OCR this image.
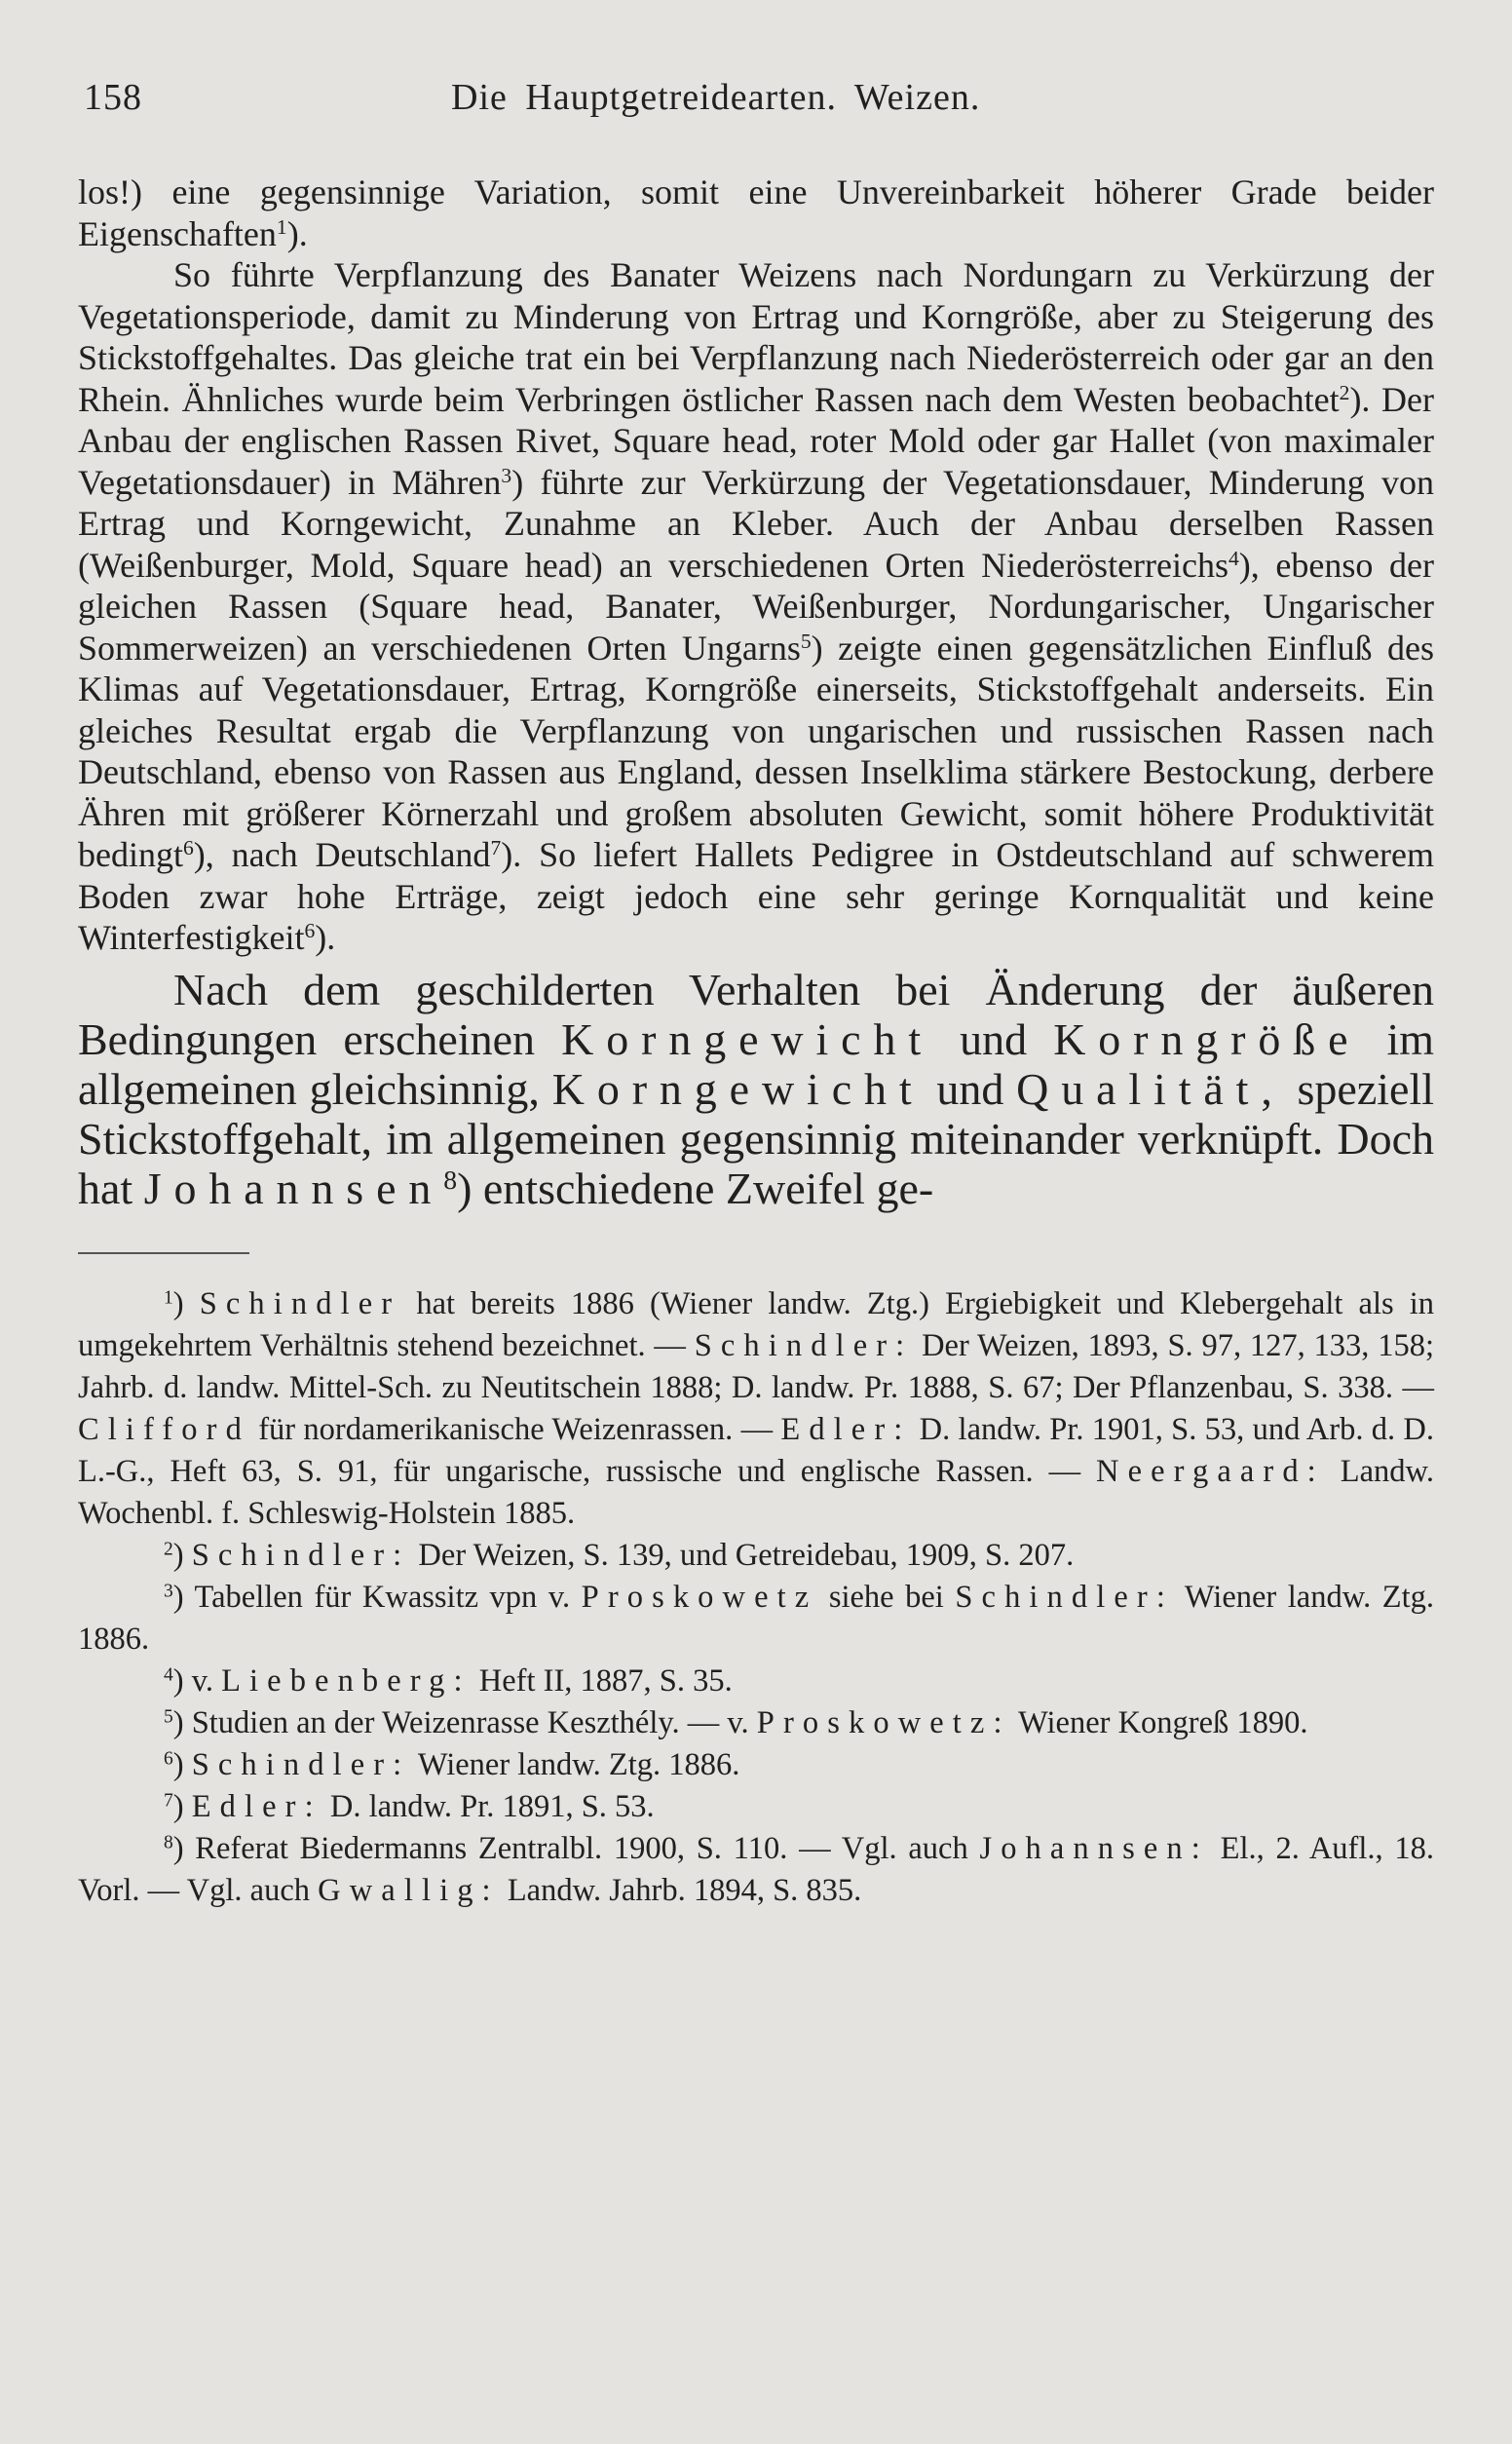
158	Die Hauptgetreidearten. Weizen.

los!) eine gegensinnige Variation, somit eine Unvereinbarkeit höherer Grade beider Eigenschaften$^1$).

So führte Verpflanzung des Banater Weizens nach Nordungarn zu Verkürzung der Vegetationsperiode, damit zu Minderung von Ertrag und Korngröße, aber zu Steigerung des Stickstoffgehaltes. Das gleiche trat ein bei Verpflanzung nach Niederösterreich oder gar an den Rhein. Ähnliches wurde beim Verbringen östlicher Rassen nach dem Westen beobachtet$^2$). Der Anbau der englischen Rassen Rivet, Square head, roter Mold oder gar Hallet (von maximaler Vegetationsdauer) in Mähren$^3$) führte zur Verkürzung der Vegetationsdauer, Minderung von Ertrag und Korngewicht, Zunahme an Kleber. Auch der Anbau derselben Rassen (Weißenburger, Mold, Square head) an verschiedenen Orten Niederösterreichs$^4$), ebenso der gleichen Rassen (Square head, Banater, Weißenburger, Nordungarischer, Ungarischer Sommerweizen) an verschiedenen Orten Ungarns$^5$) zeigte einen gegensätzlichen Einfluß des Klimas auf Vegetationsdauer, Ertrag, Korngröße einerseits, Stickstoffgehalt anderseits. Ein gleiches Resultat ergab die Verpflanzung von ungarischen und russischen Rassen nach Deutschland, ebenso von Rassen aus England, dessen Inselklima stärkere Bestockung, derbere Ähren mit größerer Körnerzahl und großem absoluten Gewicht, somit höhere Produktivität bedingt$^6$), nach Deutschland$^7$). So liefert Hallets Pedigree in Ostdeutschland auf schwerem Boden zwar hohe Erträge, zeigt jedoch eine sehr geringe Kornqualität und keine Winterfestigkeit$^6$).

Nach dem geschilderten Verhalten bei Änderung der äußeren Bedingungen erscheinen Korngewicht und Korngröße im allgemeinen gleichsinnig, Korngewicht und Qualität, speziell Stickstoffgehalt, im allgemeinen gegensinnig miteinander verknüpft. Doch hat Johannsen$^8$) entschiedene Zweifel ge-

$^1$) Schindler hat bereits 1886 (Wiener landw. Ztg.) Ergiebigkeit und Klebergehalt als in umgekehrtem Verhältnis stehend bezeichnet. — Schindler: Der Weizen, 1893, S. 97, 127, 133, 158; Jahrb. d. landw. Mittel-Sch. zu Neutitschein 1888; D. landw. Pr. 1888, S. 67; Der Pflanzenbau, S. 338. — Clifford für nordamerikanische Weizenrassen. — Edler: D. landw. Pr. 1901, S. 53, und Arb. d. D. L.-G., Heft 63, S. 91, für ungarische, russische und englische Rassen. — Neergaard: Landw. Wochenbl. f. Schleswig-Holstein 1885.

$^2$) Schindler: Der Weizen, S. 139, und Getreidebau, 1909, S. 207.

$^3$) Tabellen für Kwassitz vpn v. Proskowetz siehe bei Schindler: Wiener landw. Ztg. 1886.

$^4$) v. Liebenberg: Heft II, 1887, S. 35.

$^5$) Studien an der Weizenrasse Keszthély. — v. Proskowetz: Wiener Kongreß 1890.

$^6$) Schindler: Wiener landw. Ztg. 1886.

$^7$) Edler: D. landw. Pr. 1891, S. 53.

$^8$) Referat Biedermanns Zentralbl. 1900, S. 110. — Vgl. auch Johannsen: El., 2. Aufl., 18. Vorl. — Vgl. auch Gwallig: Landw. Jahrb. 1894, S. 835.
